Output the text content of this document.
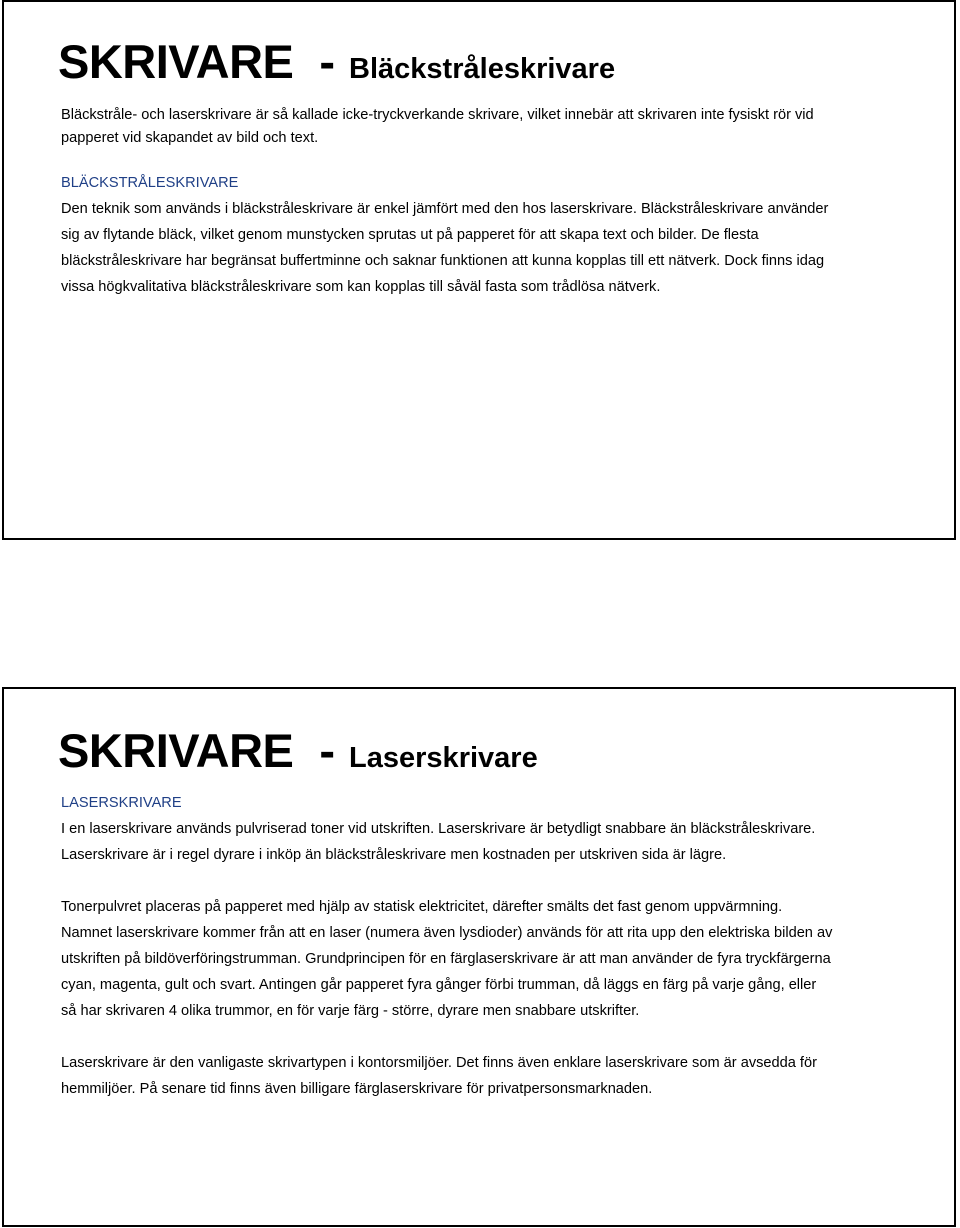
SKRIVARE - Bläckstråleskrivare

Bläckstråle- och laserskrivare är så kallade icke-tryckverkande skrivare, vilket innebär att skrivaren inte fysiskt rör vid
papperet vid skapandet av bild och text.

BLÄCKSTRÅLESKRIVARE

Den teknik som används i bläckstråleskrivare är enkel jämfört med den hos laserskrivare. Bläckstråleskrivare använder
sig av flytande bläck, vilket genom munstycken sprutas ut på papperet för att skapa text och bilder. De flesta
bläckstråleskrivare har begränsat buffertminne och saknar funktionen att kunna kopplas till ett nätverk. Dock finns idag
vissa högkvalitativa bläckstråleskrivare som kan kopplas till såväl fasta som trådlösa nätverk.

SKRIVARE - Laserskrivare

LASERSKRIVARE

I en laserskrivare används pulvriserad toner vid utskriften. Laserskrivare är betydligt snabbare än bläckstråleskrivare.
Laserskrivare är i regel dyrare i inköp än bläckstråleskrivare men kostnaden per utskriven sida är lägre.

Tonerpulvret placeras på papperet med hjälp av statisk elektricitet, därefter smälts det fast genom uppvärmning.
Namnet laserskrivare kommer från att en laser (numera även lysdioder) används för att rita upp den elektriska bilden av
utskriften på bildöverföringstrumman. Grundprincipen för en färglaserskrivare är att man använder de fyra tryckfärgerna
cyan, magenta, gult och svart. Antingen går papperet fyra gånger förbi trumman, då läggs en färg på varje gång, eller
så har skrivaren 4 olika trummor, en för varje färg - större, dyrare men snabbare utskrifter.

Laserskrivare är den vanligaste skrivartypen i kontorsmiljöer. Det finns även enklare laserskrivare som är avsedda för
hemmiljöer. På senare tid finns även billigare färglaserskrivare för privatpersonsmarknaden.
